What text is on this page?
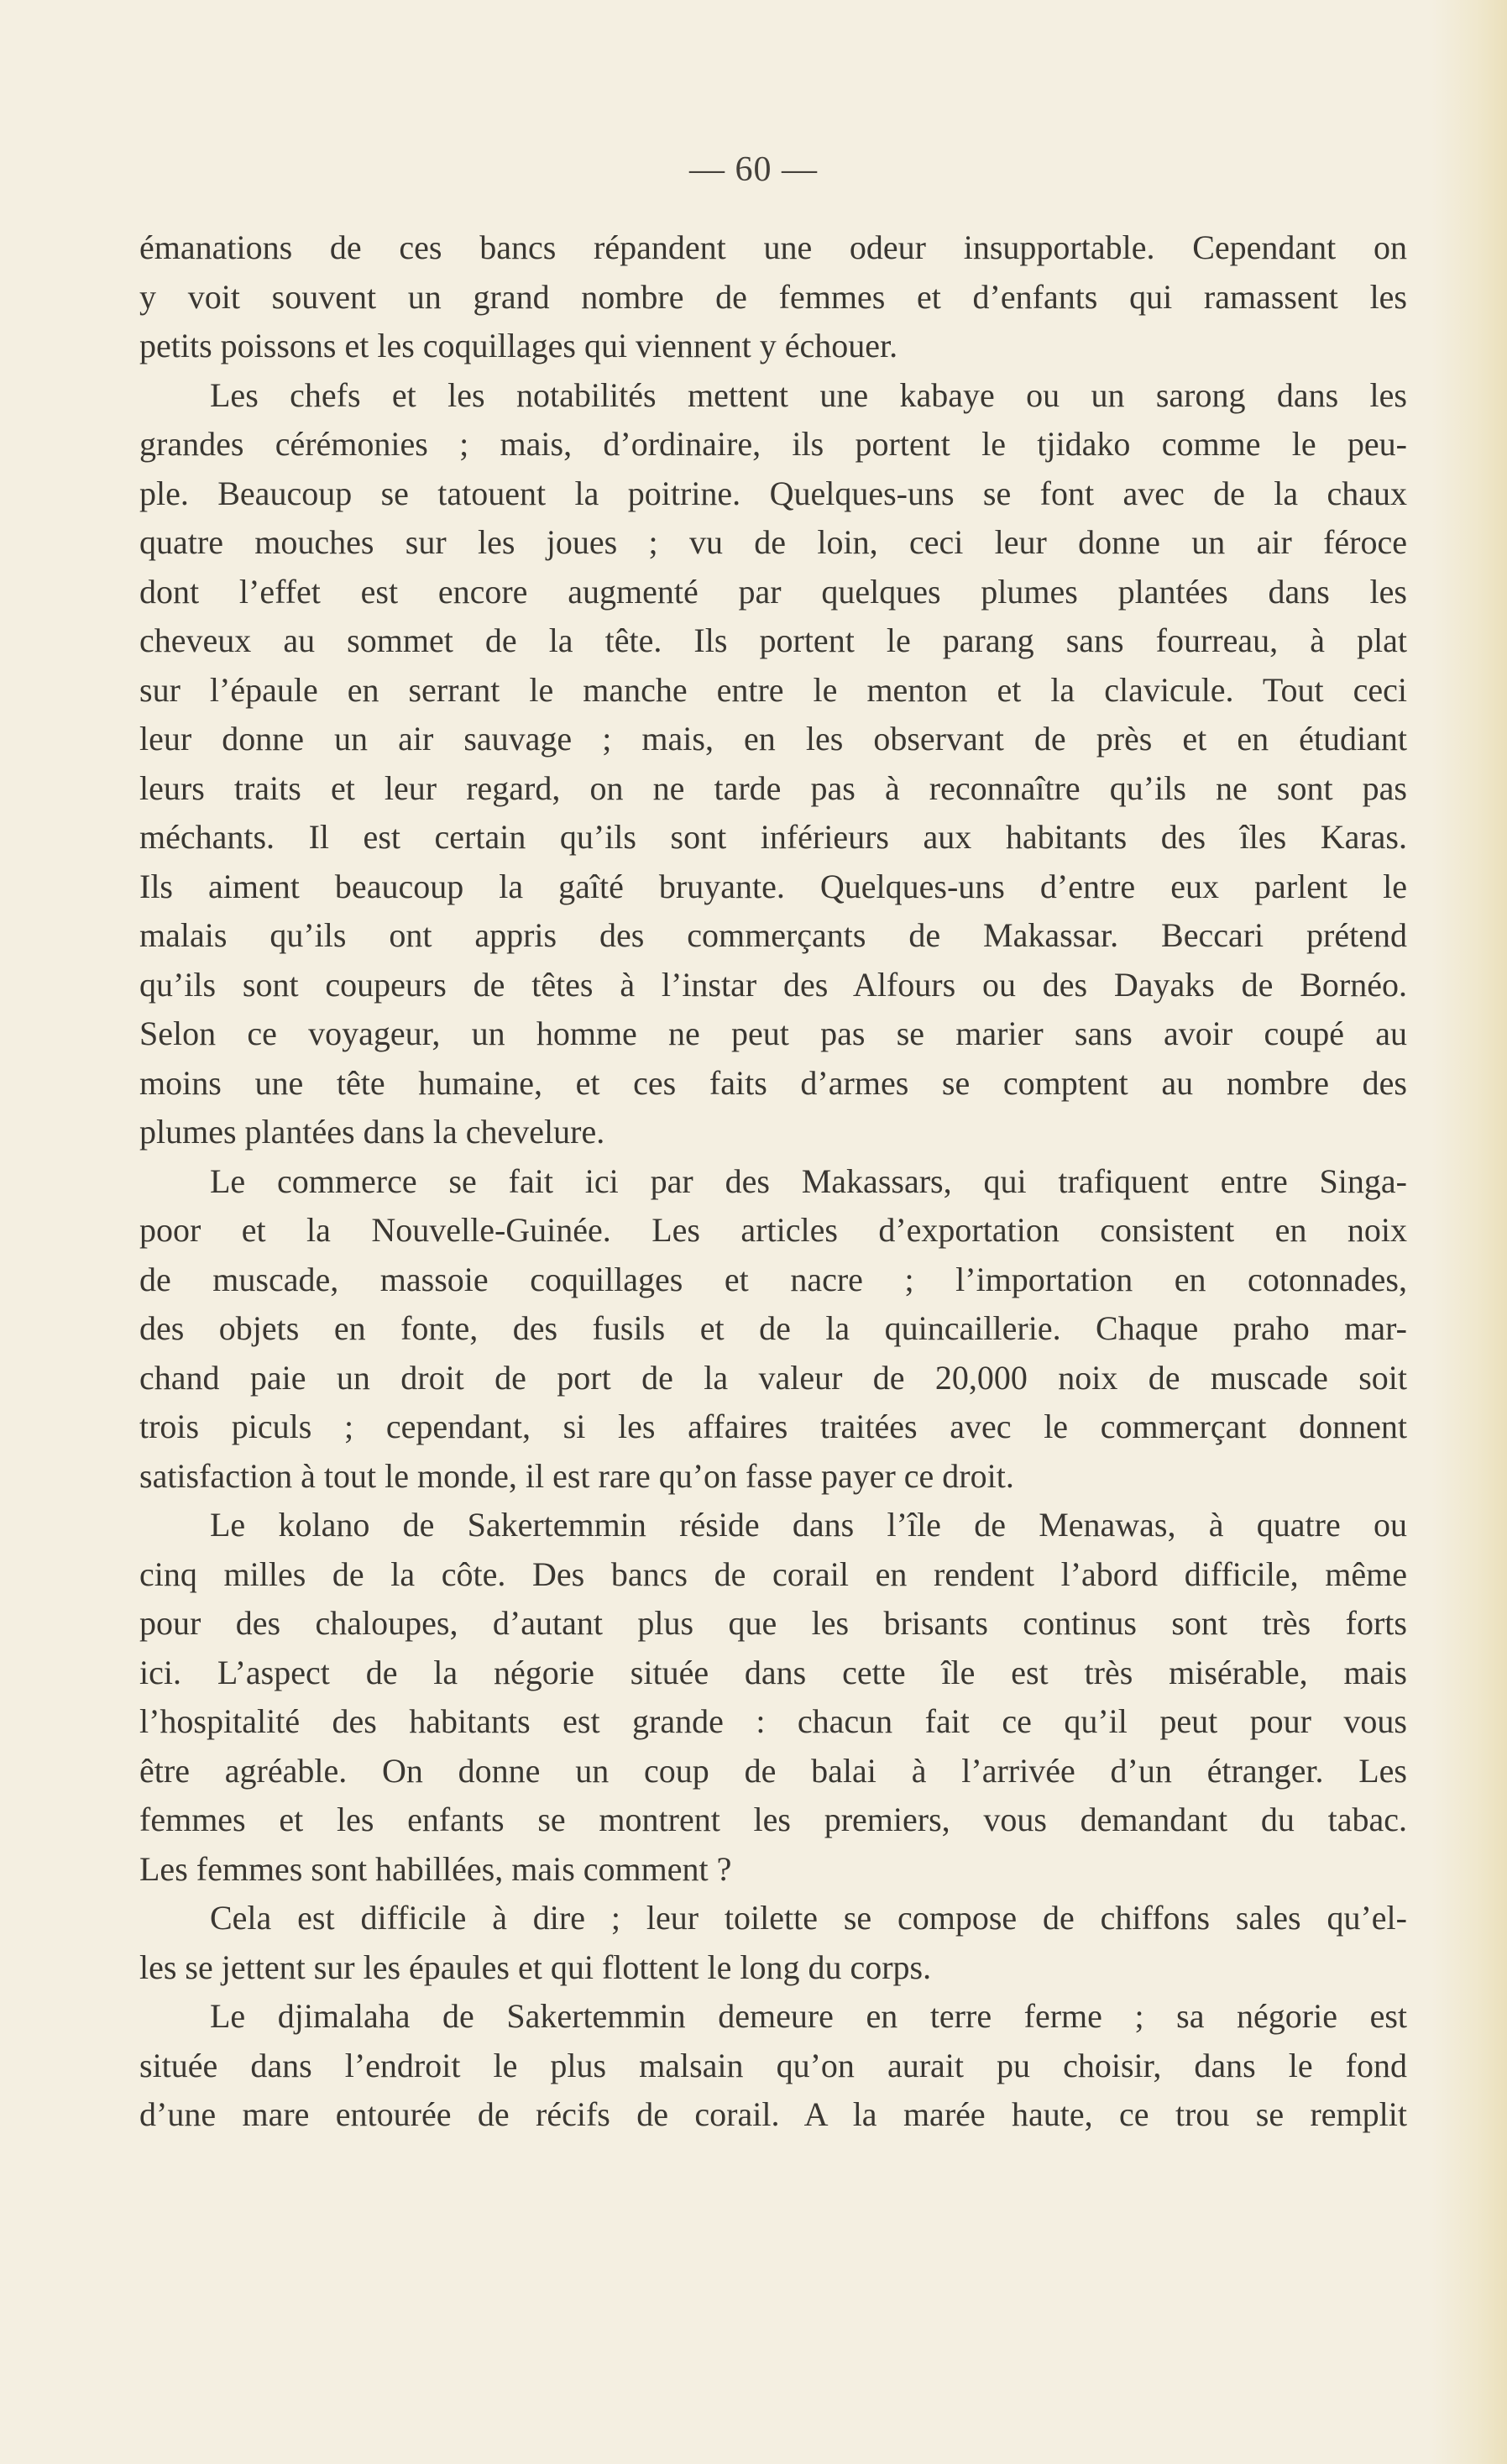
— 60 —
émanations de ces bancs répandent une odeur insupportable. Cependant on
y voit souvent un grand nombre de femmes et d’enfants qui ramassent les
petits poissons et les coquillages qui viennent y échouer.
Les chefs et les notabilités mettent une kabaye ou un sarong dans les
grandes cérémonies ; mais, d’ordinaire, ils portent le tjidako comme le peu-
ple. Beaucoup se tatouent la poitrine. Quelques-uns se font avec de la chaux
quatre mouches sur les joues ; vu de loin, ceci leur donne un air féroce
dont l’effet est encore augmenté par quelques plumes plantées dans les
cheveux au sommet de la tête. Ils portent le parang sans fourreau, à plat
sur l’épaule en serrant le manche entre le menton et la clavicule. Tout ceci
leur donne un air sauvage ; mais, en les observant de près et en étudiant
leurs traits et leur regard, on ne tarde pas à reconnaître qu’ils ne sont pas
méchants. Il est certain qu’ils sont inférieurs aux habitants des îles Karas.
Ils aiment beaucoup la gaîté bruyante. Quelques-uns d’entre eux parlent le
malais qu’ils ont appris des commerçants de Makassar. Beccari prétend
qu’ils sont coupeurs de têtes à l’instar des Alfours ou des Dayaks de Bornéo.
Selon ce voyageur, un homme ne peut pas se marier sans avoir coupé au
moins une tête humaine, et ces faits d’armes se comptent au nombre des
plumes plantées dans la chevelure.
Le commerce se fait ici par des Makassars, qui trafiquent entre Singa-
poor et la Nouvelle-Guinée. Les articles d’exportation consistent en noix
de muscade, massoie coquillages et nacre ; l’importation en cotonnades,
des objets en fonte, des fusils et de la quincaillerie. Chaque praho mar-
chand paie un droit de port de la valeur de 20,000 noix de muscade soit
trois piculs ; cependant, si les affaires traitées avec le commerçant donnent
satisfaction à tout le monde, il est rare qu’on fasse payer ce droit.
Le kolano de Sakertemmin réside dans l’île de Menawas, à quatre ou
cinq milles de la côte. Des bancs de corail en rendent l’abord difficile, même
pour des chaloupes, d’autant plus que les brisants continus sont très forts
ici. L’aspect de la négorie située dans cette île est très misérable, mais
l’hospitalité des habitants est grande : chacun fait ce qu’il peut pour vous
être agréable. On donne un coup de balai à l’arrivée d’un étranger. Les
femmes et les enfants se montrent les premiers, vous demandant du tabac.
Les femmes sont habillées, mais comment ?
Cela est difficile à dire ; leur toilette se compose de chiffons sales qu’el-
les se jettent sur les épaules et qui flottent le long du corps.
Le djimalaha de Sakertemmin demeure en terre ferme ; sa négorie est
située dans l’endroit le plus malsain qu’on aurait pu choisir, dans le fond
d’une mare entourée de récifs de corail. A la marée haute, ce trou se remplit
